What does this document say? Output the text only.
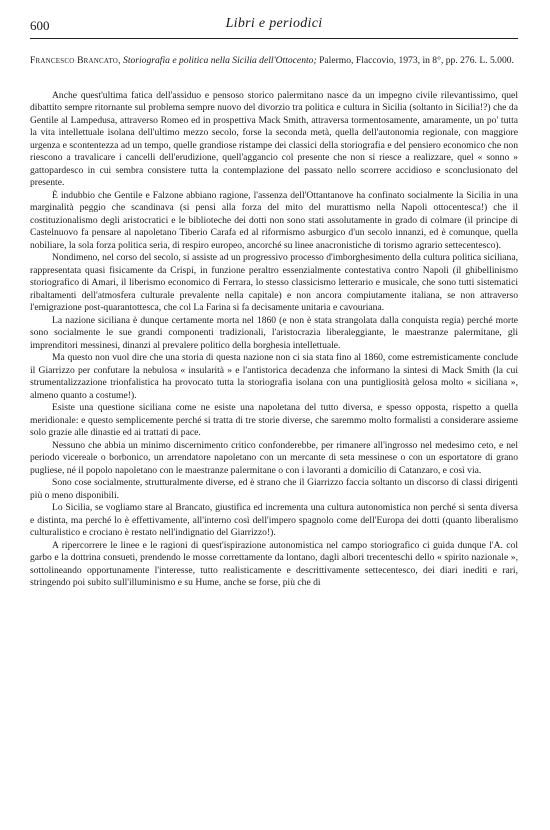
600	Libri e periodici

Francesco Brancato, Storiografia e politica nella Sicilia dell'Ottocento; Palermo, Flaccovio, 1973, in 8°, pp. 276. L. 5.000.

Anche quest'ultima fatica dell'assiduo e pensoso storico palermitano nasce da un impegno civile rilevantissimo, quel dibattito sempre ritornante sul problema sempre nuovo del divorzio tra politica e cultura in Sicilia (soltanto in Sicilia!?) che da Gentile al Lampedusa, attraverso Romeo ed in prospettiva Mack Smith, attraversa tormentosamente, amaramente, un po' tutta la vita intellettuale isolana dell'ultimo mezzo secolo, forse la seconda metà, quella dell'autonomia regionale, con maggiore urgenza e scontentezza ad un tempo, quelle grandiose ristampe dei classici della storiografia e del pensiero economico che non riescono a travalicare i cancelli dell'erudizione, quell'aggancio col presente che non si riesce a realizzare, quel « sonno » gattopardesco in cui sembra consistere tutta la contemplazione del passato nello scorrere accidioso e sconclusionato del presente.

È indubbio che Gentile e Falzone abbiano ragione, l'assenza dell'Ottantanove ha confinato socialmente la Sicilia in una marginalità peggio che scandinava (si pensi alla forza del mito del murattismo nella Napoli ottocentesca!) che il costituzionalismo degli aristocratici e le biblioteche dei dotti non sono stati assolutamente in grado di colmare (il principe di Castelnuovo fa pensare al napoletano Tiberio Carafa ed al riformismo asburgico d'un secolo innanzi, ed è comunque, quella nobiliare, la sola forza politica seria, di respiro europeo, ancorché su linee anacronistiche di torismo agrario settecentesco).

Nondimeno, nel corso del secolo, si assiste ad un progressivo processo d'imborghesimento della cultura politica siciliana, rappresentata quasi fisicamente da Crispi, in funzione peraltro essenzialmente contestativa contro Napoli (il ghibellinismo storiografico di Amari, il liberismo economico di Ferrara, lo stesso classicismo letterario e musicale, che sono tutti sistematici ribaltamenti dell'atmosfera culturale prevalente nella capitale) e non ancora compiutamente italiana, se non attraverso l'emigrazione post-quarantottesca, che col La Farina si fa decisamente unitaria e cavouriana.

La nazione siciliana è dunque certamente morta nel 1860 (e non è stata strangolata dalla conquista regia) perché morte sono socialmente le sue grandi componenti tradizionali, l'aristocrazia liberaleggiante, le maestranze palermitane, gli imprenditori messinesi, dinanzi al prevalere politico della borghesia intellettuale.

Ma questo non vuol dire che una storia di questa nazione non ci sia stata fino al 1860, come estremisticamente conclude il Giarrizzo per confutare la nebulosa « insularità » e l'antistorica decadenza che informano la sintesi di Mack Smith (la cui strumentalizzazione trionfalistica ha provocato tutta la storiografia isolana con una puntigliosità gelosa molto « siciliana », almeno quanto a costume!).

Esiste una questione siciliana come ne esiste una napoletana del tutto diversa, e spesso opposta, rispetto a quella meridionale: e questo semplicemente perché si tratta di tre storie diverse, che saremmo molto formalisti a considerare assieme solo grazie alle dinastie ed ai trattati di pace.

Nessuno che abbia un minimo discernimento critico confonderebbe, per rimanere all'ingrosso nel medesimo ceto, e nel periodo vicereale o borbonico, un arrendatore napoletano con un mercante di seta messinese o con un esportatore di grano pugliese, né il popolo napoletano con le maestranze palermitane o con i lavoranti a domicilio di Catanzaro, e così via.

Sono cose socialmente, strutturalmente diverse, ed è strano che il Giarrizzo faccia soltanto un discorso di classi dirigenti più o meno disponibili.

Lo Sicilia, se vogliamo stare al Brancato, giustifica ed incrementa una cultura autonomistica non perché si senta diversa e distinta, ma perché lo è effettivamente, all'interno così dell'impero spagnolo come dell'Europa dei dotti (quanto liberalismo culturalistico e crociano è restato nell'indignatio del Giarrizzo!).

A ripercorrere le linee e le ragioni di quest'ispirazione autonomistica nel campo storiografico ci guida dunque l'A. col garbo e la dottrina consueti, prendendo le mosse correttamente da lontano, dagli albori trecenteschi dello « spirito nazionale », sottolineando opportunamente l'interesse, tutto realisticamente e descrittivamente settecentesco, dei diari inediti e rari, stringendo poi subito sull'illuminismo e su Hume, anche se forse, più che di
